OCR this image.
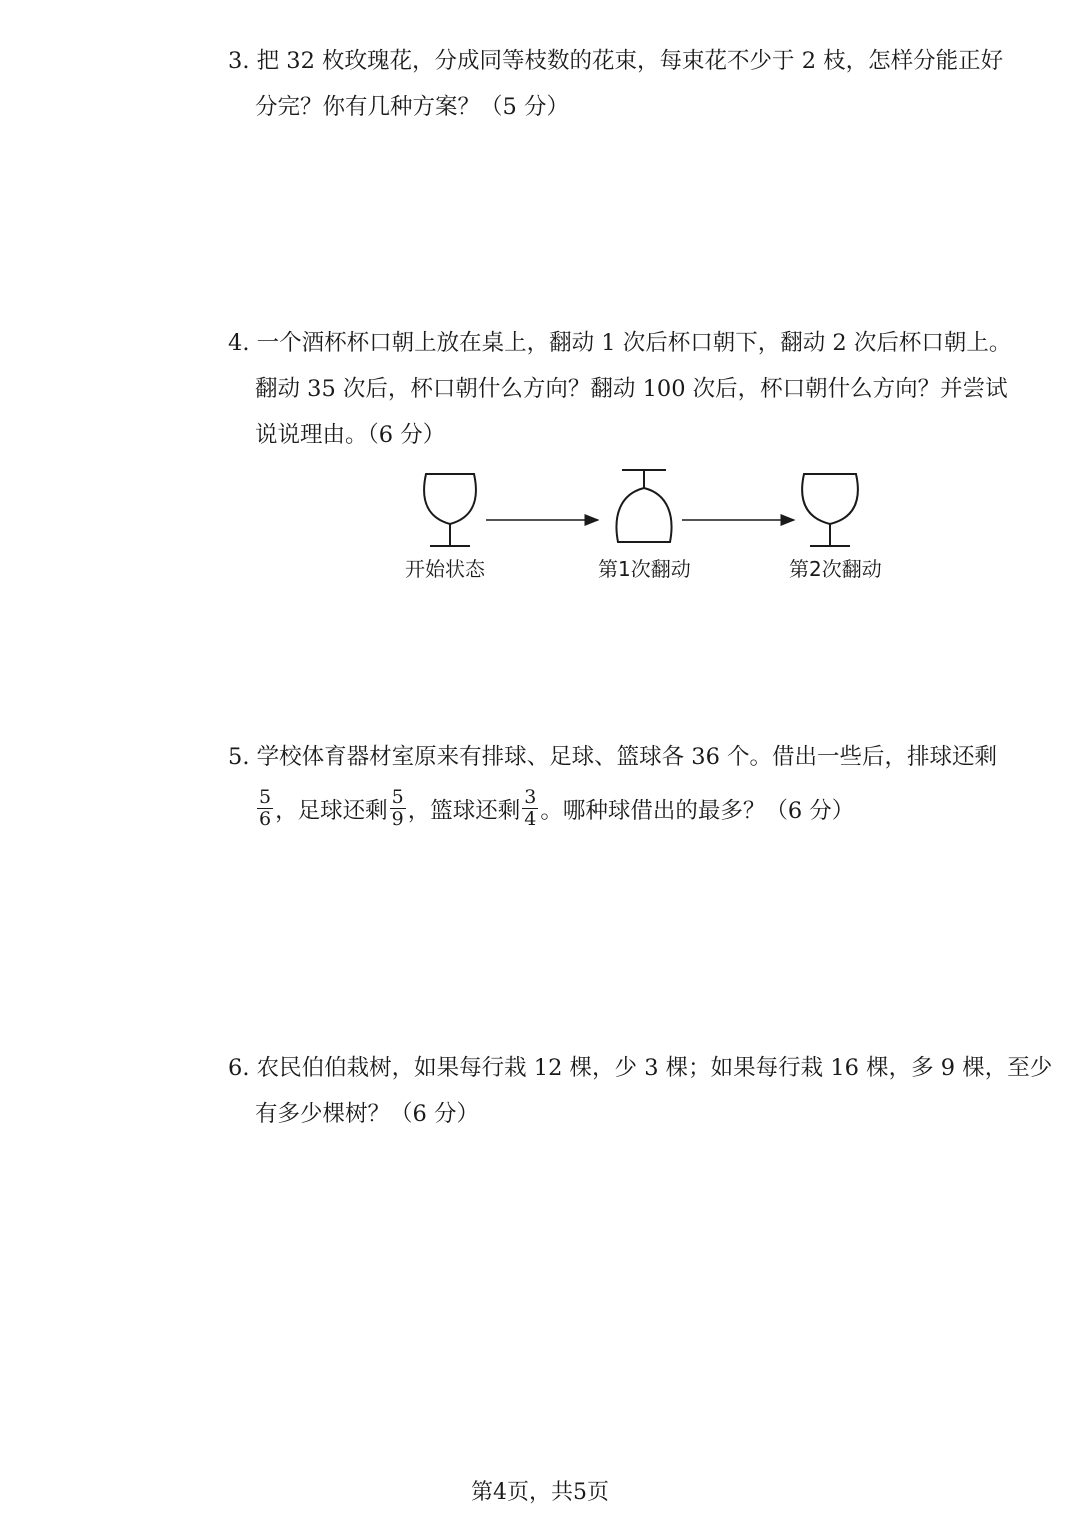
3. 把 32 枚玫瑰花，分成同等枝数的花束，每束花不少于 2 枝，怎样分能正好
分完？你有几种方案？（5 分）
4. 一个酒杯杯口朝上放在桌上，翻动 1 次后杯口朝下，翻动 2 次后杯口朝上。
翻动 35 次后，杯口朝什么方向？翻动 100 次后，杯口朝什么方向？并尝试
说说理由。（6 分）
开始状态	第1次翻动	第2次翻动
5. 学校体育器材室原来有排球、足球、篮球各 36 个。借出一些后，排球还剩
$\frac{5}{6}$ ，足球还剩 $\frac{5}{9}$ ，篮球还剩 $\frac{3}{4}$ 。哪种球借出的最多？（6 分）
6. 农民伯伯栽树，如果每行栽 12 棵，少 3 棵；如果每行栽 16 棵，多 9 棵，至少
有多少棵树？（6 分）
第4页，共5页
